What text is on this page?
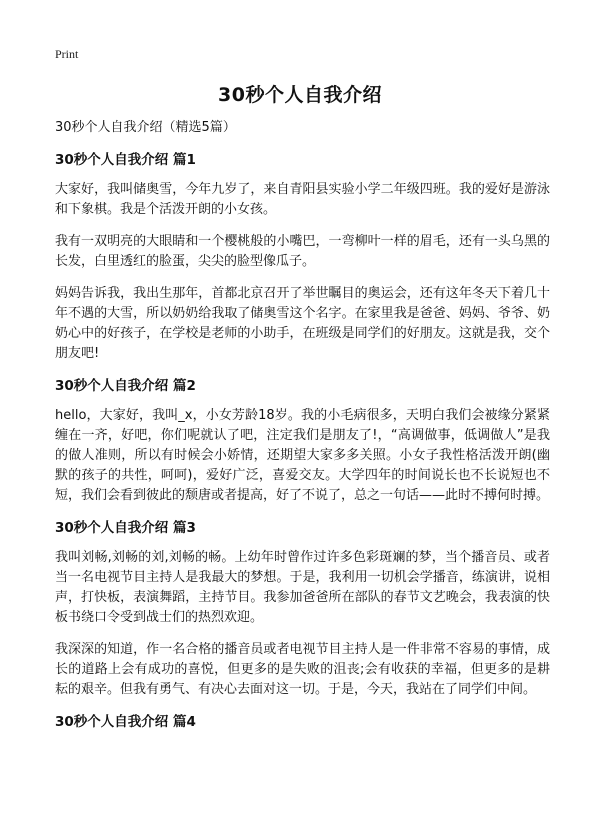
Print
30秒个人自我介绍

30秒个人自我介绍（精选5篇）

30秒个人自我介绍 篇1

大家好，我叫储奥雪，今年九岁了，来自青阳县实验小学二年级四班。我的爱好是游泳和下象棋。我是个活泼开朗的小女孩。

我有一双明亮的大眼睛和一个樱桃般的小嘴巴，一弯柳叶一样的眉毛，还有一头乌黑的长发，白里透红的脸蛋，尖尖的脸型像瓜子。

妈妈告诉我，我出生那年，首都北京召开了举世瞩目的奥运会，还有这年冬天下着几十年不遇的大雪，所以奶奶给我取了储奥雪这个名字。在家里我是爸爸、妈妈、爷爷、奶奶心中的好孩子，在学校是老师的小助手，在班级是同学们的好朋友。这就是我，交个朋友吧!

30秒个人自我介绍 篇2

hello，大家好，我叫_x，小女芳龄18岁。我的小毛病很多，天明白我们会被缘分紧紧缠在一齐，好吧，你们呢就认了吧，注定我们是朋友了!，“高调做事，低调做人”是我的做人准则，所以有时候会小娇情，还期望大家多多关照。小女子我性格活泼开朗(幽默的孩子的共性，呵呵)，爱好广泛，喜爱交友。大学四年的时间说长也不长说短也不短，我们会看到彼此的颓唐或者提高，好了不说了，总之一句话——此时不搏何时搏。

30秒个人自我介绍 篇3

我叫刘畅,刘畅的刘,刘畅的畅。上幼年时曾作过许多色彩斑斓的梦，当个播音员、或者当一名电视节目主持人是我最大的梦想。于是，我利用一切机会学播音，练演讲，说相声，打快板，表演舞蹈，主持节目。我参加爸爸所在部队的春节文艺晚会，我表演的快板书绕口令受到战士们的热烈欢迎。

我深深的知道，作一名合格的播音员或者电视节目主持人是一件非常不容易的事情，成长的道路上会有成功的喜悦，但更多的是失败的沮丧;会有收获的幸福，但更多的是耕耘的艰辛。但我有勇气、有决心去面对这一切。于是，今天，我站在了同学们中间。

30秒个人自我介绍 篇4
